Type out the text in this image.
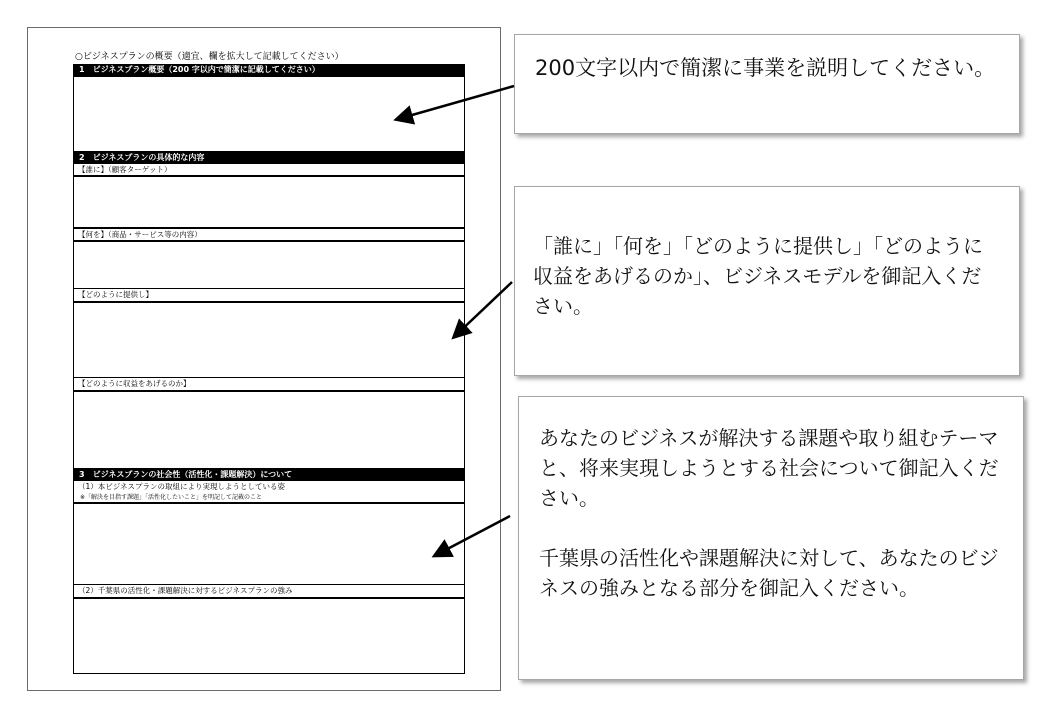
○ビジネスプランの概要（適宜、欄を拡大して記載してください）
1　ビジネスプラン概要（200 字以内で簡潔に記載してください）
2　ビジネスプランの具体的な内容
【誰に】（顧客ターゲット）
【何を】（商品・サービス等の内容）
【どのように提供し】
【どのように収益をあげるのか】
3　ビジネスプランの社会性（活性化・課題解決）について
（1）本ビジネスプランの取組により実現しようとしている姿
※「解決を目指す課題」「活性化したいこと」を明記して記載のこと
（2）千葉県の活性化・課題解決に対するビジネスプランの強み

200文字以内で簡潔に事業を説明してください。

「誰に」「何を」「どのように提供し」「どのように収益をあげるのか」、ビジネスモデルを御記入ください。

あなたのビジネスが解決する課題や取り組むテーマと、将来実現しようとする社会について御記入ください。

千葉県の活性化や課題解決に対して、あなたのビジネスの強みとなる部分を御記入ください。
